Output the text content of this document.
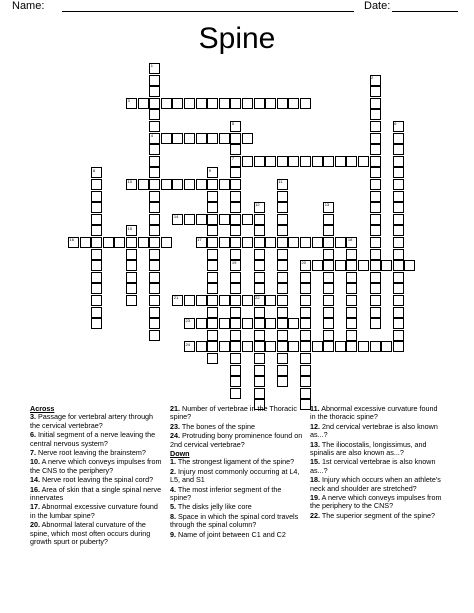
Name:	Date:
Spine
1
2
3
4
5	6
7
8	9
10	11
12	13
14
15
16	17	18
19	20
21	22
23
24
Across

3. Passage for vertebral artery through the cervical vertebrae?

6. Initial segment of a nerve leaving the central nervous system?

7. Nerve root leaving the brainstem?

10. A nerve which conveys impulses from the CNS to the periphery?

14. Nerve root leaving the spinal cord?

16. Area of skin that a single spinal nerve innervates

17. Abnormal excessive curvature found in the lumbar spine?

20. Abnormal lateral curvature of the spine, which most often occurs during growth spurt or puberty?

21. Number of vertebrae in the Thoracic spine?

23. The bones of the spine

24. Protruding bony prominence found on 2nd cervical vertebrae?

Down

1. The strongest ligament of the spine?

2. Injury most commonly occurring at L4, L5, and S1

4. The most inferior segment of the spine?

5. The disks jelly like core

8. Space in which the spinal cord travels through the spinal column?

9. Name of joint between C1 and C2

11. Abnormal excessive curvature found in the thoracic spine?

12. 2nd cervical vertebrae is also known as...?

13. The iliocostalis, longissimus, and spinalis are also known as...?

15. 1st cervical vertebrae is also known as...?

18. Injury which occurs when an athlete's neck and shoulder are stretched?

19. A nerve which conveys impulses from the periphery to the CNS?

22. The superior segment of the spine?
